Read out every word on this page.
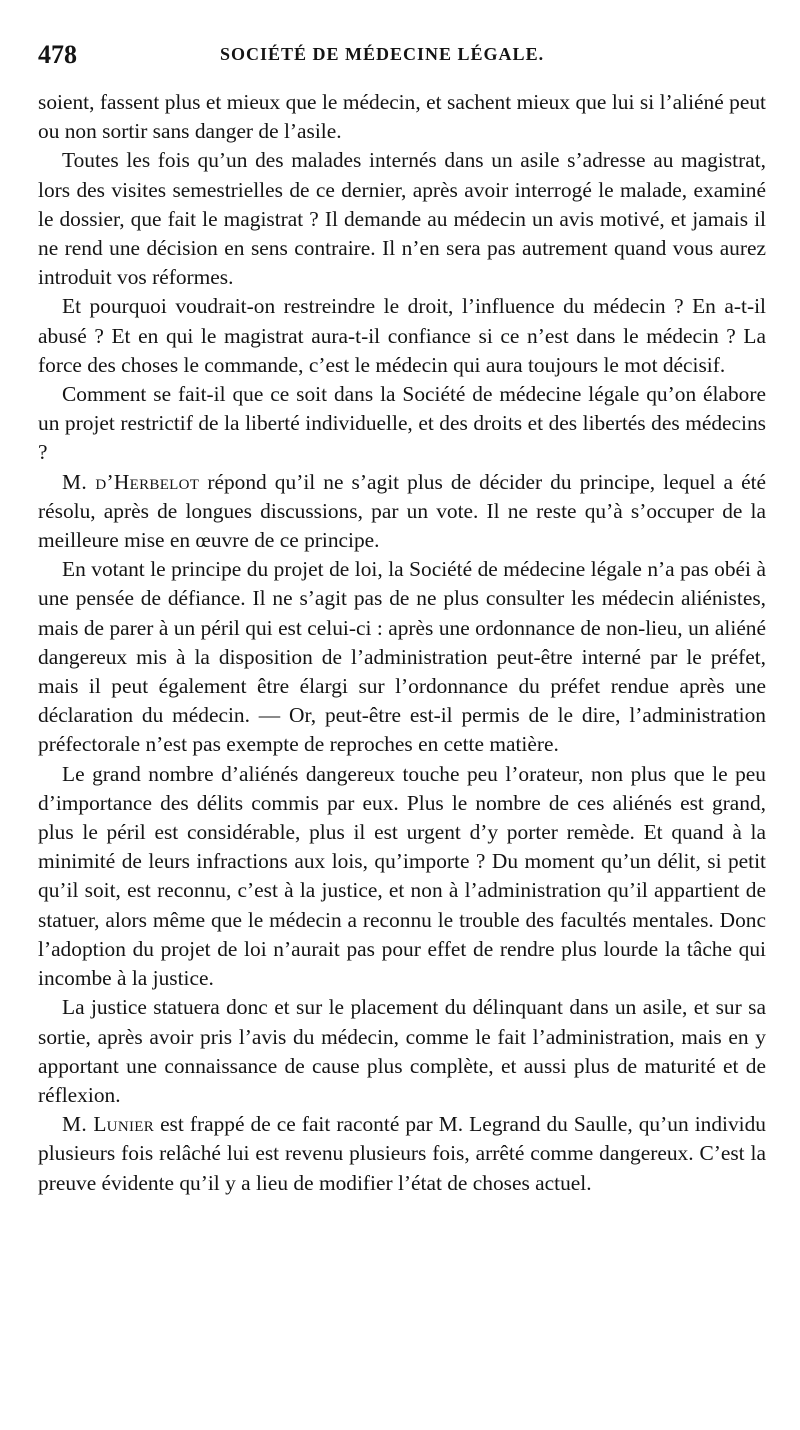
478	SOCIÉTÉ DE MÉDECINE LÉGALE.

soient, fassent plus et mieux que le médecin, et sachent mieux que lui si l’aliéné peut ou non sortir sans danger de l’asile.

Toutes les fois qu’un des malades internés dans un asile s’adresse au magistrat, lors des visites semestrielles de ce dernier, après avoir interrogé le malade, examiné le dossier, que fait le magistrat ? Il demande au médecin un avis motivé, et jamais il ne rend une décision en sens contraire. Il n’en sera pas autrement quand vous aurez introduit vos réformes.

Et pourquoi voudrait-on restreindre le droit, l’influence du médecin ? En a-t-il abusé ? Et en qui le magistrat aura-t-il confiance si ce n’est dans le médecin ? La force des choses le commande, c’est le médecin qui aura toujours le mot décisif.

Comment se fait-il que ce soit dans la Société de médecine légale qu’on élabore un projet restrictif de la liberté individuelle, et des droits et des libertés des médecins ?

M. d’Herbelot répond qu’il ne s’agit plus de décider du principe, lequel a été résolu, après de longues discussions, par un vote. Il ne reste qu’à s’occuper de la meilleure mise en œuvre de ce principe.

En votant le principe du projet de loi, la Société de médecine légale n’a pas obéi à une pensée de défiance. Il ne s’agit pas de ne plus consulter les médecin aliénistes, mais de parer à un péril qui est celui-ci : après une ordonnance de non-lieu, un aliéné dangereux mis à la disposition de l’administration peut-être interné par le préfet, mais il peut également être élargi sur l’ordonnance du préfet rendue après une déclaration du médecin. — Or, peut-être est-il permis de le dire, l’administration préfectorale n’est pas exempte de reproches en cette matière.

Le grand nombre d’aliénés dangereux touche peu l’orateur, non plus que le peu d’importance des délits commis par eux. Plus le nombre de ces aliénés est grand, plus le péril est considérable, plus il est urgent d’y porter remède. Et quand à la minimité de leurs infractions aux lois, qu’importe ? Du moment qu’un délit, si petit qu’il soit, est reconnu, c’est à la justice, et non à l’administration qu’il appartient de statuer, alors même que le médecin a reconnu le trouble des facultés mentales. Donc l’adoption du projet de loi n’aurait pas pour effet de rendre plus lourde la tâche qui incombe à la justice.

La justice statuera donc et sur le placement du délinquant dans un asile, et sur sa sortie, après avoir pris l’avis du médecin, comme le fait l’administration, mais en y apportant une connaissance de cause plus complète, et aussi plus de maturité et de réflexion.

M. Lunier est frappé de ce fait raconté par M. Legrand du Saulle, qu’un individu plusieurs fois relâché lui est revenu plusieurs fois, arrêté comme dangereux. C’est la preuve évidente qu’il y a lieu de modifier l’état de choses actuel.
